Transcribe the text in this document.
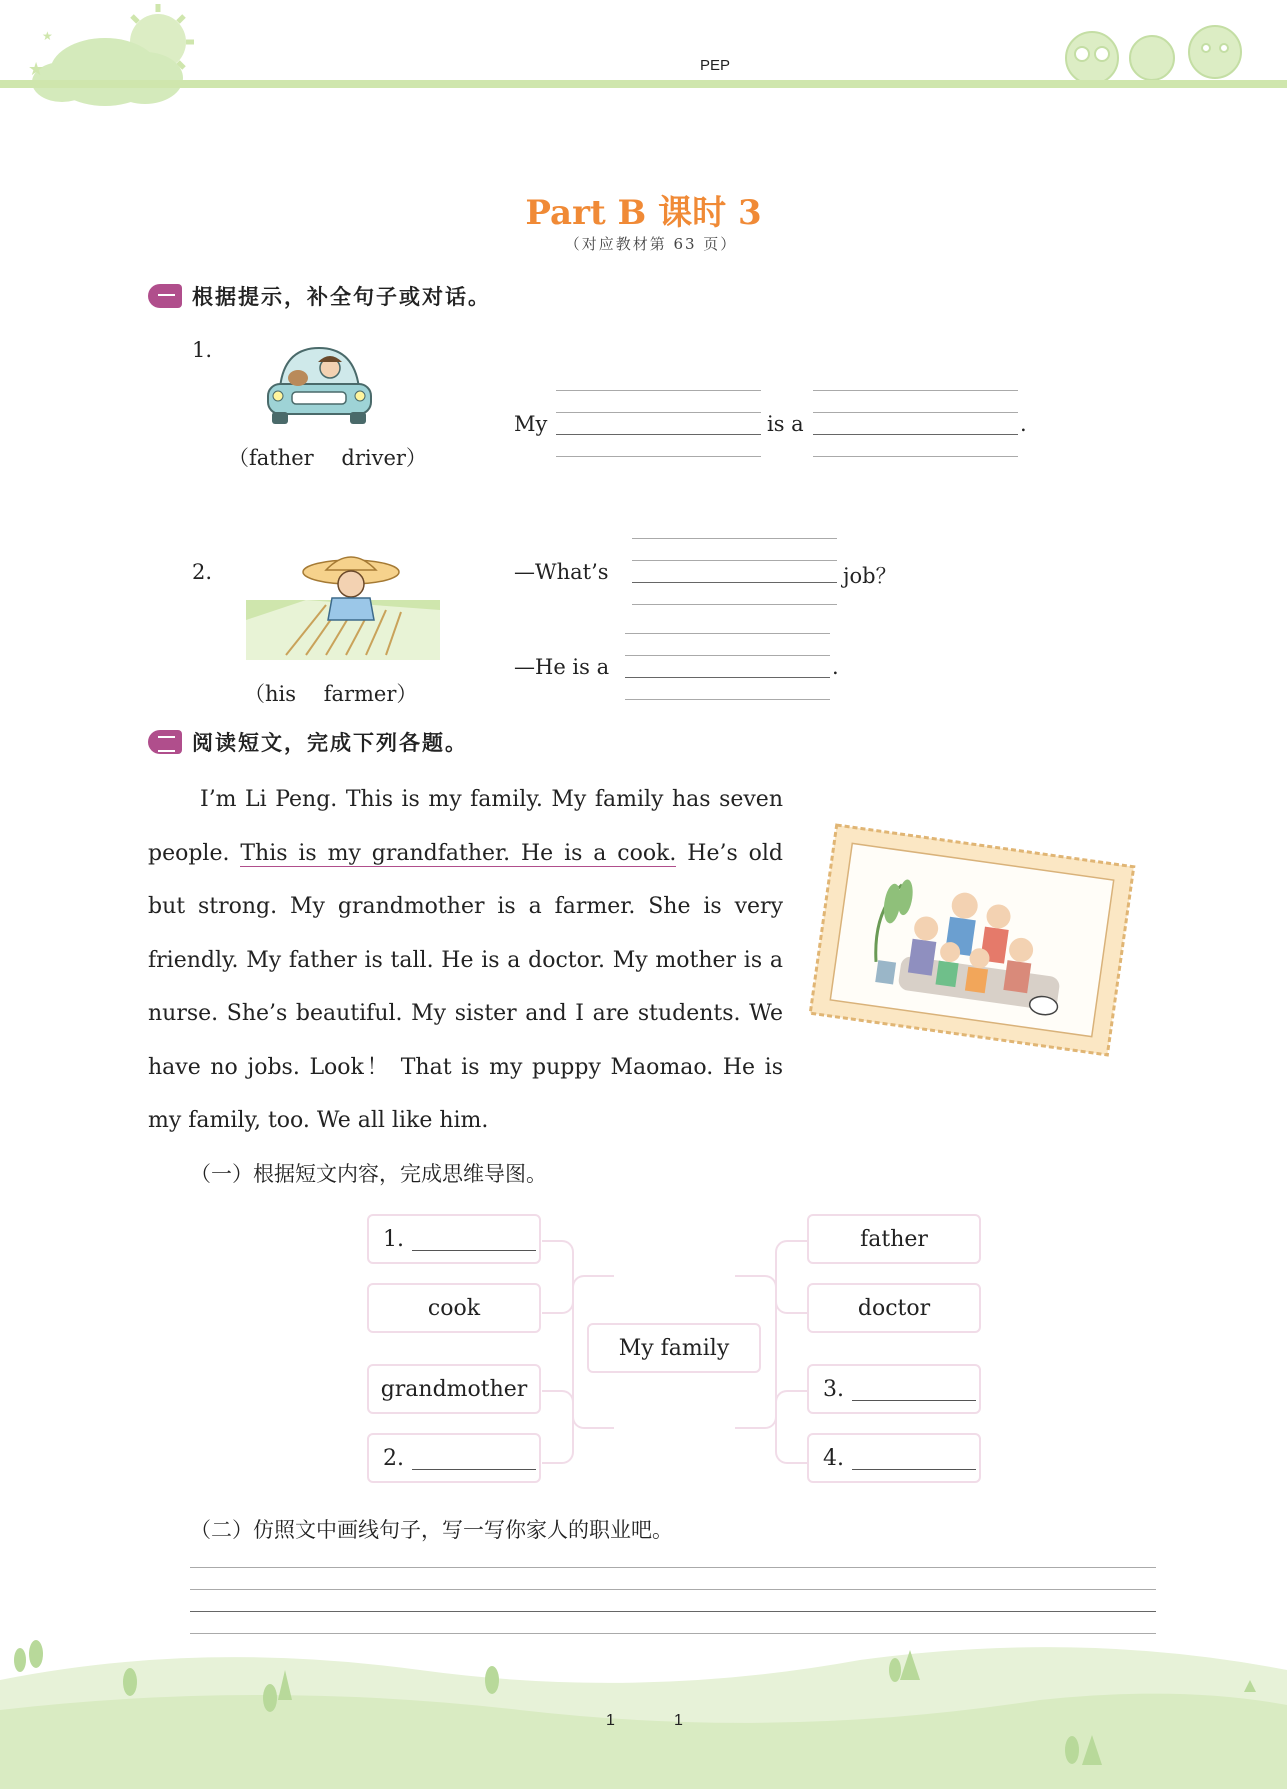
★
★
PEP
Part B 课时 3
（对应教材第 63 页）
根据提示，补全句子或对话。
1.
（father　 driver）
My	is a	.
2.
（his　 farmer）
—What’s	job？
—He is a	.
阅读短文，完成下列各题。

I’m Li Peng. This is my family. My family has seven people. This is my grandfather. He is a cook. He’s old but strong. My grandmother is a farmer. She is very friendly. My father is tall. He is a doctor. My mother is a nurse. She’s beautiful. My sister and I are students. We have no jobs. Look！ That is my puppy Maomao. He is my family, too. We all like him.

（一）根据短文内容，完成思维导图。
My family
1.
cook
grandmother
2.
father
doctor
3.
4.
（二）仿照文中画线句子，写一写你家人的职业吧。
1	1
